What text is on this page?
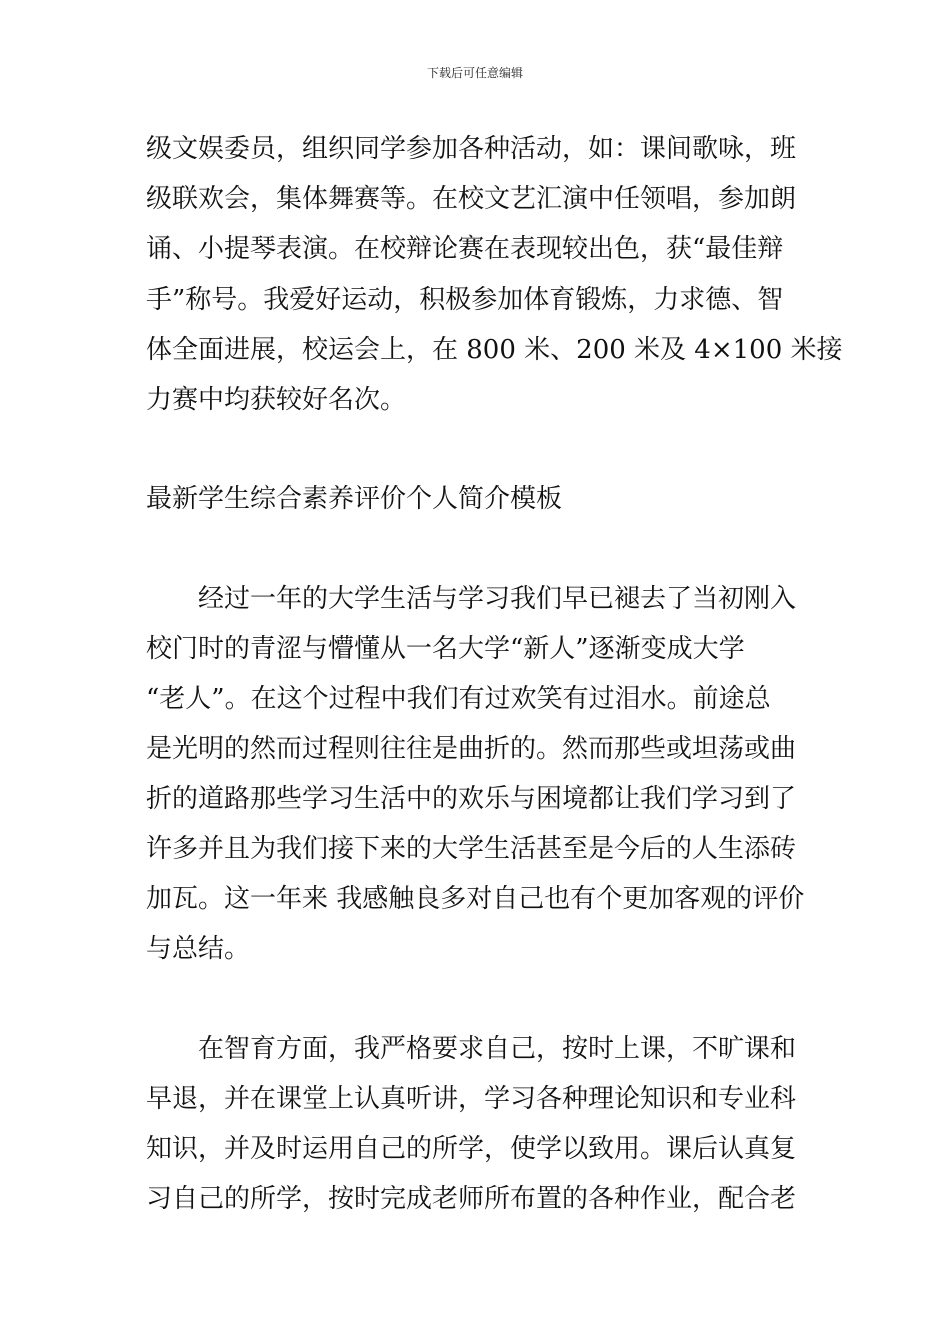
下载后可任意编辑
级文娱委员，组织同学参加各种活动，如：课间歌咏，班
级联欢会，集体舞赛等。在校文艺汇演中任领唱，参加朗
诵、小提琴表演。在校辩论赛在表现较出色，获“最佳辩
手”称号。我爱好运动，积极参加体育锻炼，力求德、智
体全面进展，校运会上，在 800 米、200 米及 4×100 米接
力赛中均获较好名次。
最新学生综合素养评价个人简介模板
经过一年的大学生活与学习我们早已褪去了当初刚入
校门时的青涩与懵懂从一名大学“新人”逐渐变成大学
“老人”。在这个过程中我们有过欢笑有过泪水。前途总
是光明的然而过程则往往是曲折的。然而那些或坦荡或曲
折的道路那些学习生活中的欢乐与困境都让我们学习到了
许多并且为我们接下来的大学生活甚至是今后的人生添砖
加瓦。这一年来 我感触良多对自己也有个更加客观的评价
与总结。
在智育方面，我严格要求自己，按时上课，不旷课和
早退，并在课堂上认真听讲，学习各种理论知识和专业科
知识，并及时运用自己的所学，使学以致用。课后认真复
习自己的所学，按时完成老师所布置的各种作业，配合老
